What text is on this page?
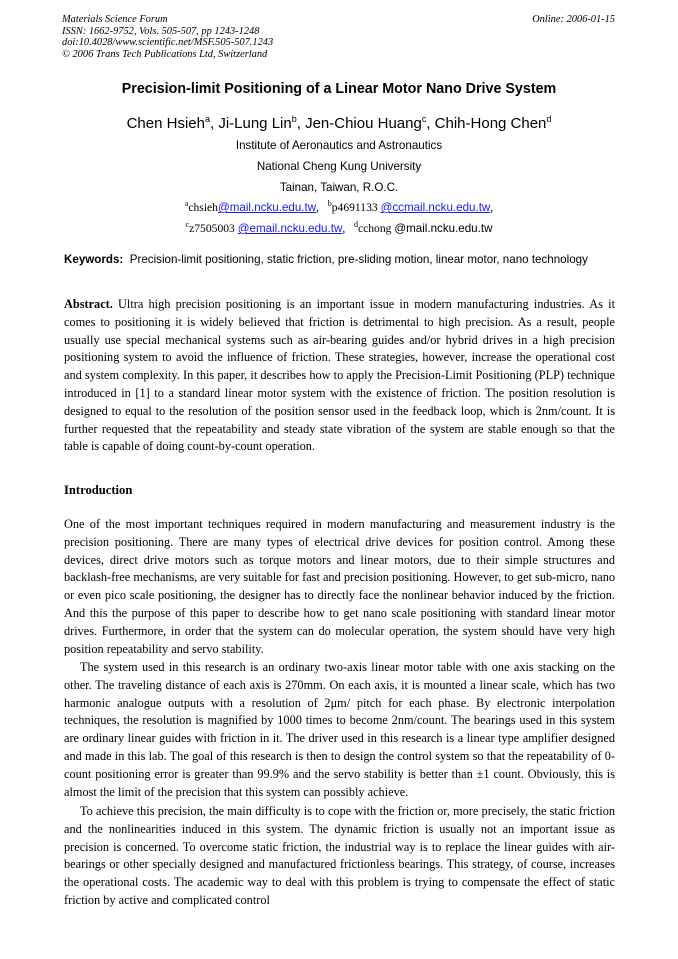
Materials Science Forum
ISSN: 1662-9752, Vols. 505-507, pp 1243-1248
doi:10.4028/www.scientific.net/MSF.505-507.1243
© 2006 Trans Tech Publications Ltd, Switzerland
Online: 2006-01-15
Precision-limit Positioning of a Linear Motor Nano Drive System
Chen Hsieh$^a$, Ji-Lung Lin$^b$, Jen-Chiou Huang$^c$, Chih-Hong Chen$^d$
Institute of Aeronautics and Astronautics
National Cheng Kung University
Tainan, Taiwan, R.O.C.
$^a$chsieh@mail.ncku.edu.tw, $^b$p4691133 @ccmail.ncku.edu.tw,
$^c$z7505003 @email.ncku.edu.tw, $^d$cchong @mail.ncku.edu.tw
Keywords: Precision-limit positioning, static friction, pre-sliding motion, linear motor, nano technology

Abstract. Ultra high precision positioning is an important issue in modern manufacturing industries. As it comes to positioning it is widely believed that friction is detrimental to high precision. As a result, people usually use special mechanical systems such as air-bearing guides and/or hybrid drives in a high precision positioning system to avoid the influence of friction. These strategies, however, increase the operational cost and system complexity. In this paper, it describes how to apply the Precision-Limit Positioning (PLP) technique introduced in [1] to a standard linear motor system with the existence of friction. The position resolution is designed to equal to the resolution of the position sensor used in the feedback loop, which is 2nm/count. It is further requested that the repeatability and steady state vibration of the system are stable enough so that the table is capable of doing count-by-count operation.

Introduction

One of the most important techniques required in modern manufacturing and measurement industry is the precision positioning. There are many types of electrical drive devices for position control. Among these devices, direct drive motors such as torque motors and linear motors, due to their simple structures and backlash-free mechanisms, are very suitable for fast and precision positioning. However, to get sub-micro, nano or even pico scale positioning, the designer has to directly face the nonlinear behavior induced by the friction. And this the purpose of this paper to describe how to get nano scale positioning with standard linear motor drives. Furthermore, in order that the system can do molecular operation, the system should have very high position repeatability and servo stability.

The system used in this research is an ordinary two-axis linear motor table with one axis stacking on the other. The traveling distance of each axis is 270mm. On each axis, it is mounted a linear scale, which has two harmonic analogue outputs with a resolution of 2μm/ pitch for each phase. By electronic interpolation techniques, the resolution is magnified by 1000 times to become 2nm/count. The bearings used in this system are ordinary linear guides with friction in it. The driver used in this research is a linear type amplifier designed and made in this lab. The goal of this research is then to design the control system so that the repeatability of 0-count positioning error is greater than 99.9% and the servo stability is better than ±1 count. Obviously, this is almost the limit of the precision that this system can possibly achieve.

To achieve this precision, the main difficulty is to cope with the friction or, more precisely, the static friction and the nonlinearities induced in this system. The dynamic friction is usually not an important issue as precision is concerned. To overcome static friction, the industrial way is to replace the linear guides with air-bearings or other specially designed and manufactured frictionless bearings. This strategy, of course, increases the operational costs. The academic way to deal with this problem is trying to compensate the effect of static friction by active and complicated control
